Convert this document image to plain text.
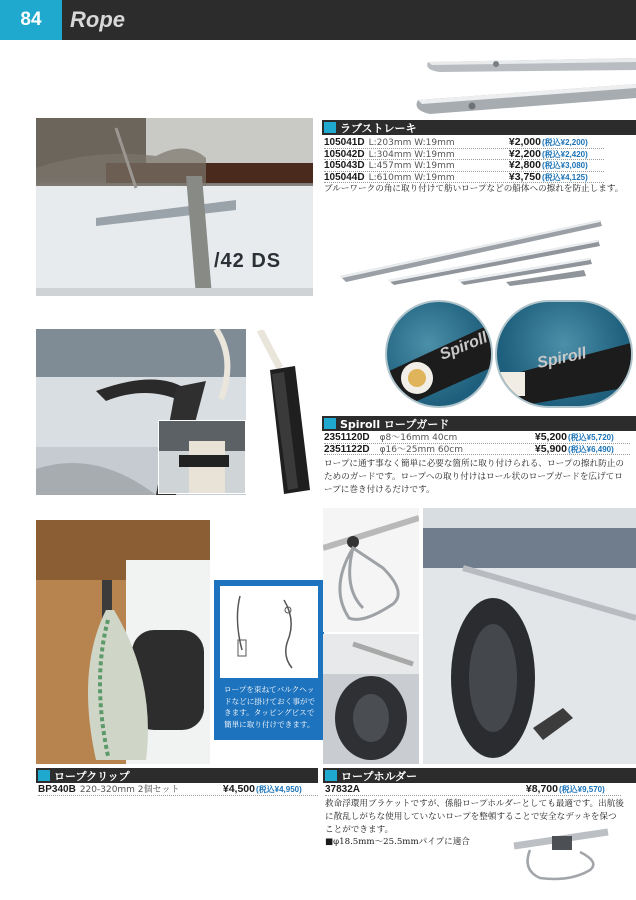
84	Rope
/42 DS
ラブストレーキ
105041D L:203mm W:19mm	¥2,000 (税込¥2,200)
105042D L:304mm W:19mm	¥2,200 (税込¥2,420)
105043D L:457mm W:19mm	¥2,800 (税込¥3,080)
105044D L:610mm W:19mm	¥3,750 (税込¥4,125)
ブルーワークの角に取り付けて舫いロープなどの船体への擦れを防止します。
Spiroll	Spiroll
Spiroll ロープガード
2351120D φ8～16mm 40cm	¥5,200 (税込¥5,720)
2351122D φ16～25mm 60cm	¥5,900 (税込¥6,490)
ロープに通す事なく簡単に必要な箇所に取り付けられる、ロープの擦れ防止のためのガードです。ロープへの取り付けはロール状のロープガードを広げてロープに巻き付けるだけです。
ロープを束ねてバルクヘッドなどに掛けておく事ができます。タッピングビスで簡単に取り付けできます。
ロープクリップ
BP340B 220-320mm 2個セット	¥4,500 (税込¥4,950)
ロープホルダー
37832A	¥8,700 (税込¥9,570)
救命浮環用ブラケットですが、係船ロープホルダーとしても最適です。出航後に散乱しがちな使用していないロープを整頓することで安全なデッキを保つことができます。
■φ18.5mm～25.5mmパイプに適合
